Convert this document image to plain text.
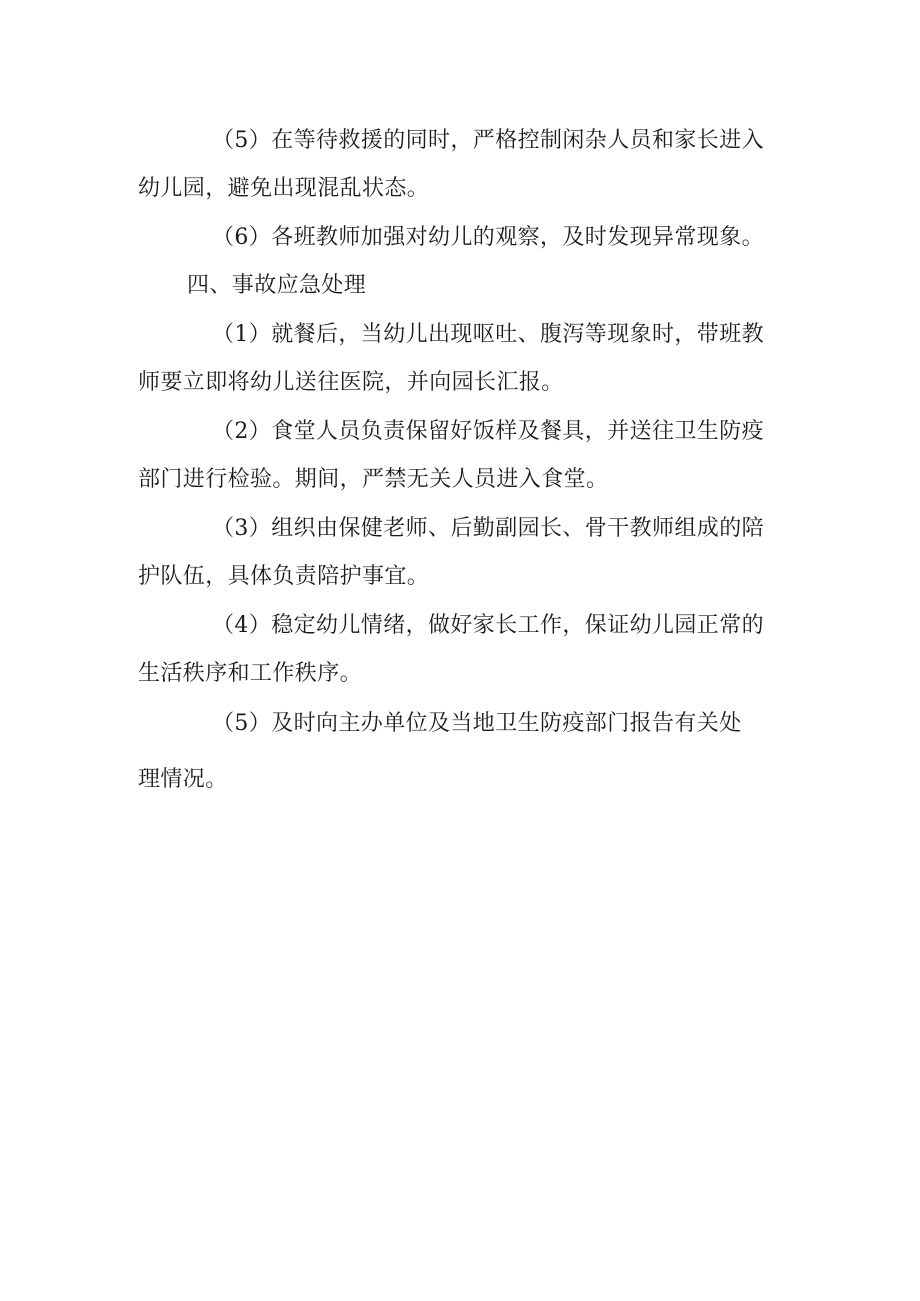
（5）在等待救援的同时，严格控制闲杂人员和家长进入
幼儿园，避免出现混乱状态。
（6）各班教师加强对幼儿的观察，及时发现异常现象。
四、事故应急处理
（1）就餐后，当幼儿出现呕吐、腹泻等现象时，带班教
师要立即将幼儿送往医院，并向园长汇报。
（2）食堂人员负责保留好饭样及餐具，并送往卫生防疫
部门进行检验。期间，严禁无关人员进入食堂。
（3）组织由保健老师、后勤副园长、骨干教师组成的陪
护队伍，具体负责陪护事宜。
（4）稳定幼儿情绪，做好家长工作，保证幼儿园正常的
生活秩序和工作秩序。
（5）及时向主办单位及当地卫生防疫部门报告有关处
理情况。
